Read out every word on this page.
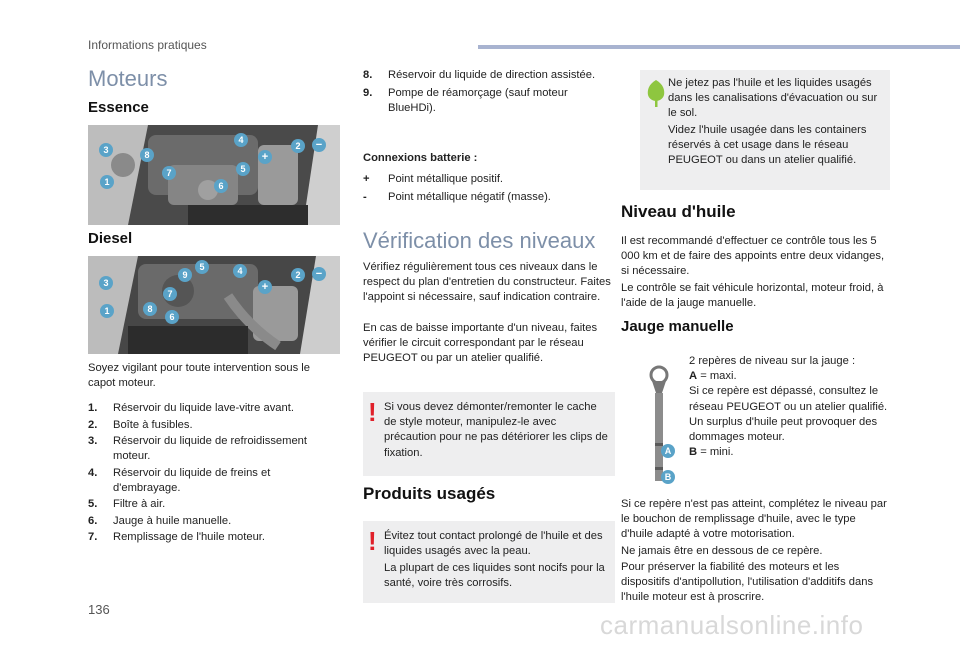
Informations pratiques
Moteurs
Essence
3	8
4
2
+
−
7	5
1	6
Diesel
5
9	4	2	−
3
7
+
1	8
6
Soyez vigilant pour toute intervention sous le capot moteur.
1. Réservoir du liquide lave-vitre avant.
2. Boîte à fusibles.
3. Réservoir du liquide de refroidissement moteur.
4. Réservoir du liquide de freins et d'embrayage.
5. Filtre à air.
6. Jauge à huile manuelle.
7. Remplissage de l'huile moteur.
8. Réservoir du liquide de direction assistée.
9. Pompe de réamorçage (sauf moteur BlueHDi).
Connexions batterie :
+ Point métallique positif.
- Point métallique négatif (masse).
Vérification des niveaux
Vérifiez régulièrement tous ces niveaux dans le respect du plan d'entretien du constructeur. Faites l'appoint si nécessaire, sauf indication contraire.
En cas de baisse importante d'un niveau, faites vérifier le circuit correspondant par le réseau PEUGEOT ou par un atelier qualifié.
! Si vous devez démonter/remonter le cache de style moteur, manipulez-le avec précaution pour ne pas détériorer les clips de fixation.
Produits usagés
! Évitez tout contact prolongé de l'huile et des liquides usagés avec la peau.
La plupart de ces liquides sont nocifs pour la santé, voire très corrosifs.
Ne jetez pas l'huile et les liquides usagés dans les canalisations d'évacuation ou sur le sol.
Videz l'huile usagée dans les containers réservés à cet usage dans le réseau PEUGEOT ou dans un atelier qualifié.
Niveau d'huile
Il est recommandé d'effectuer ce contrôle tous les 5 000 km et de faire des appoints entre deux vidanges, si nécessaire.
Le contrôle se fait véhicule horizontal, moteur froid, à l'aide de la jauge manuelle.
Jauge manuelle
A
B
2 repères de niveau sur la jauge :
A = maxi.
Si ce repère est dépassé, consultez le réseau PEUGEOT ou un atelier qualifié. Un surplus d'huile peut provoquer des dommages moteur.
B = mini.
Si ce repère n'est pas atteint, complétez le niveau par le bouchon de remplissage d'huile, avec le type d'huile adapté à votre motorisation.
Ne jamais être en dessous de ce repère.
Pour préserver la fiabilité des moteurs et les dispositifs d'antipollution, l'utilisation d'additifs dans l'huile moteur est à proscrire.
136
carmanualsonline.info
